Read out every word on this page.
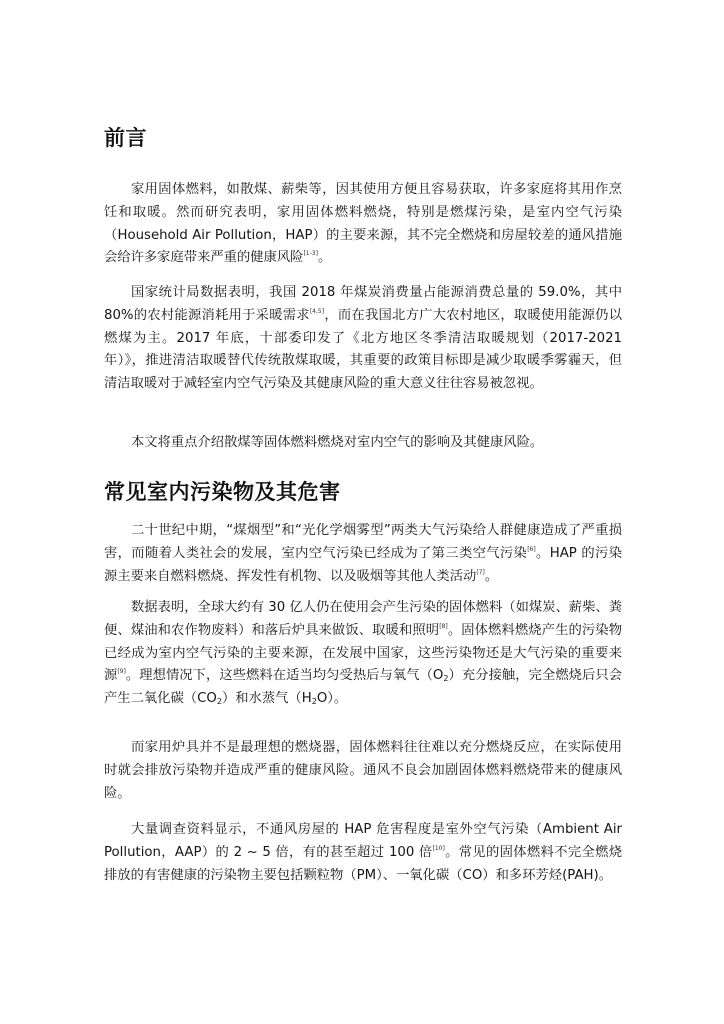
前言

家用固体燃料，如散煤、薪柴等，因其使用方便且容易获取，许多家庭将其用作烹饪和取暖。然而研究表明，家用固体燃料燃烧，特别是燃煤污染，是室内空气污染（Household Air Pollution，HAP）的主要来源，其不完全燃烧和房屋较差的通风措施会给许多家庭带来严重的健康风险[1-3]。

国家统计局数据表明，我国 2018 年煤炭消费量占能源消费总量的 59.0%，其中 80%的农村能源消耗用于采暖需求[4,5]，而在我国北方广大农村地区，取暖使用能源仍以燃煤为主。2017 年底，十部委印发了《北方地区冬季清洁取暖规划（2017-2021 年）》，推进清洁取暖替代传统散煤取暖，其重要的政策目标即是减少取暖季雾霾天，但清洁取暖对于减轻室内空气污染及其健康风险的重大意义往往容易被忽视。

本文将重点介绍散煤等固体燃料燃烧对室内空气的影响及其健康风险。

常见室内污染物及其危害

二十世纪中期，“煤烟型”和“光化学烟雾型”两类大气污染给人群健康造成了严重损害，而随着人类社会的发展，室内空气污染已经成为了第三类空气污染[6]。HAP 的污染源主要来自燃料燃烧、挥发性有机物、以及吸烟等其他人类活动[7]。

数据表明，全球大约有 30 亿人仍在使用会产生污染的固体燃料（如煤炭、薪柴、粪便、煤油和农作物废料）和落后炉具来做饭、取暖和照明[8]。固体燃料燃烧产生的污染物已经成为室内空气污染的主要来源，在发展中国家，这些污染物还是大气污染的重要来源[9]。理想情况下，这些燃料在适当均匀受热后与氧气$(O_2)$充分接触，完全燃烧后只会产生二氧化碳$(CO_2)$和水蒸气$(H_2O)$。

而家用炉具并不是最理想的燃烧器，固体燃料往往难以充分燃烧反应，在实际使用时就会排放污染物并造成严重的健康风险。通风不良会加剧固体燃料燃烧带来的健康风险。

大量调查资料显示，不通风房屋的 HAP 危害程度是室外空气污染（Ambient Air Pollution，AAP）的 2 ~ 5 倍，有的甚至超过 100 倍[10]。常见的固体燃料不完全燃烧排放的有害健康的污染物主要包括颗粒物（PM）、一氧化碳（CO）和多环芳烃(PAH)。
